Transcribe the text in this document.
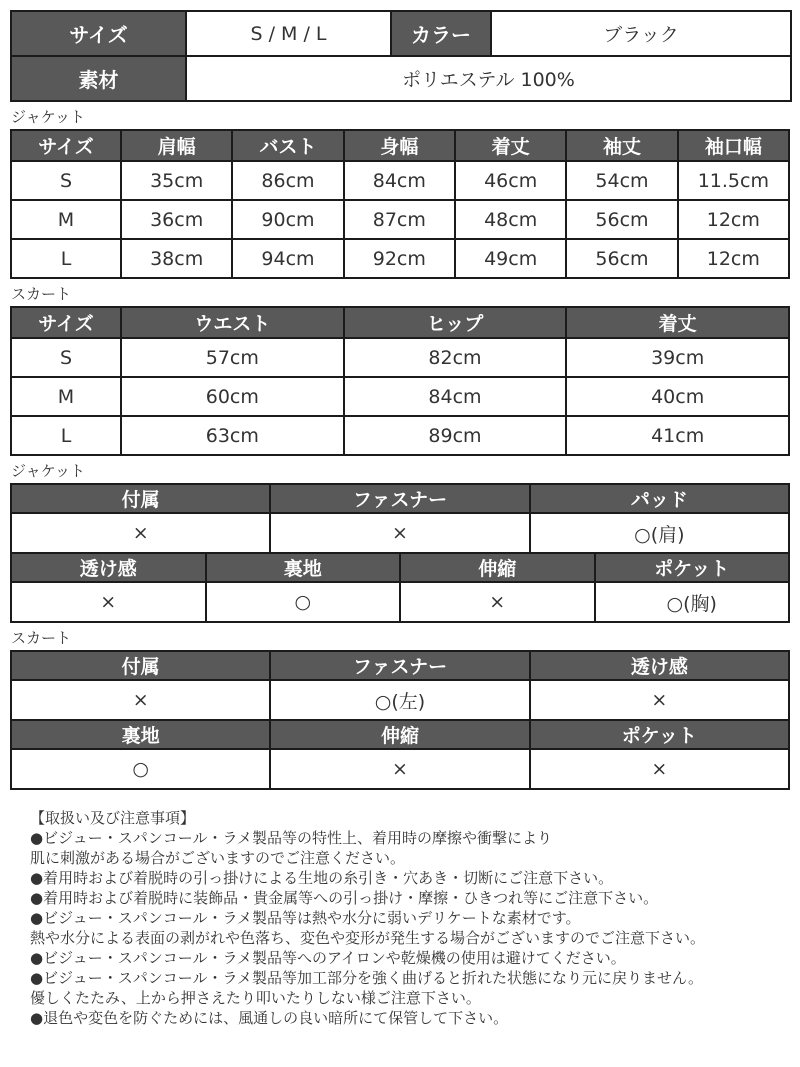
サイズ	S / M / L	カラー	ブラック
素材	ポリエステル 100%		
ジャケット
サイズ	肩幅	バスト	身幅	着丈	袖丈	袖口幅
S	35cm	86cm	84cm	46cm	54cm	11.5cm
M	36cm	90cm	87cm	48cm	56cm	12cm
L	38cm	94cm	92cm	49cm	56cm	12cm
スカート
サイズ	ウエスト	ヒップ	着丈
S	57cm	82cm	39cm
M	60cm	84cm	40cm
L	63cm	89cm	41cm
ジャケット
付属	ファスナー	パッド
×	×	○(肩)
透け感	裏地	伸縮	ポケット
×	○	×	○(胸)
スカート
付属	ファスナー	透け感
×	○(左)	×
裏地	伸縮	ポケット
○	×	×
【取扱い及び注意事項】
●ビジュー・スパンコール・ラメ製品等の特性上、着用時の摩擦や衝撃により
肌に刺激がある場合がございますのでご注意ください。
●着用時および着脱時の引っ掛けによる生地の糸引き・穴あき・切断にご注意下さい。
●着用時および着脱時に装飾品・貴金属等への引っ掛け・摩擦・ひきつれ等にご注意下さい。
●ビジュー・スパンコール・ラメ製品等は熱や水分に弱いデリケートな素材です。
熱や水分による表面の剥がれや色落ち、変色や変形が発生する場合がございますのでご注意下さい。
●ビジュー・スパンコール・ラメ製品等へのアイロンや乾燥機の使用は避けてください。
●ビジュー・スパンコール・ラメ製品等加工部分を強く曲げると折れた状態になり元に戻りません。
優しくたたみ、上から押さえたり叩いたりしない様ご注意下さい。
●退色や変色を防ぐためには、風通しの良い暗所にて保管して下さい。
